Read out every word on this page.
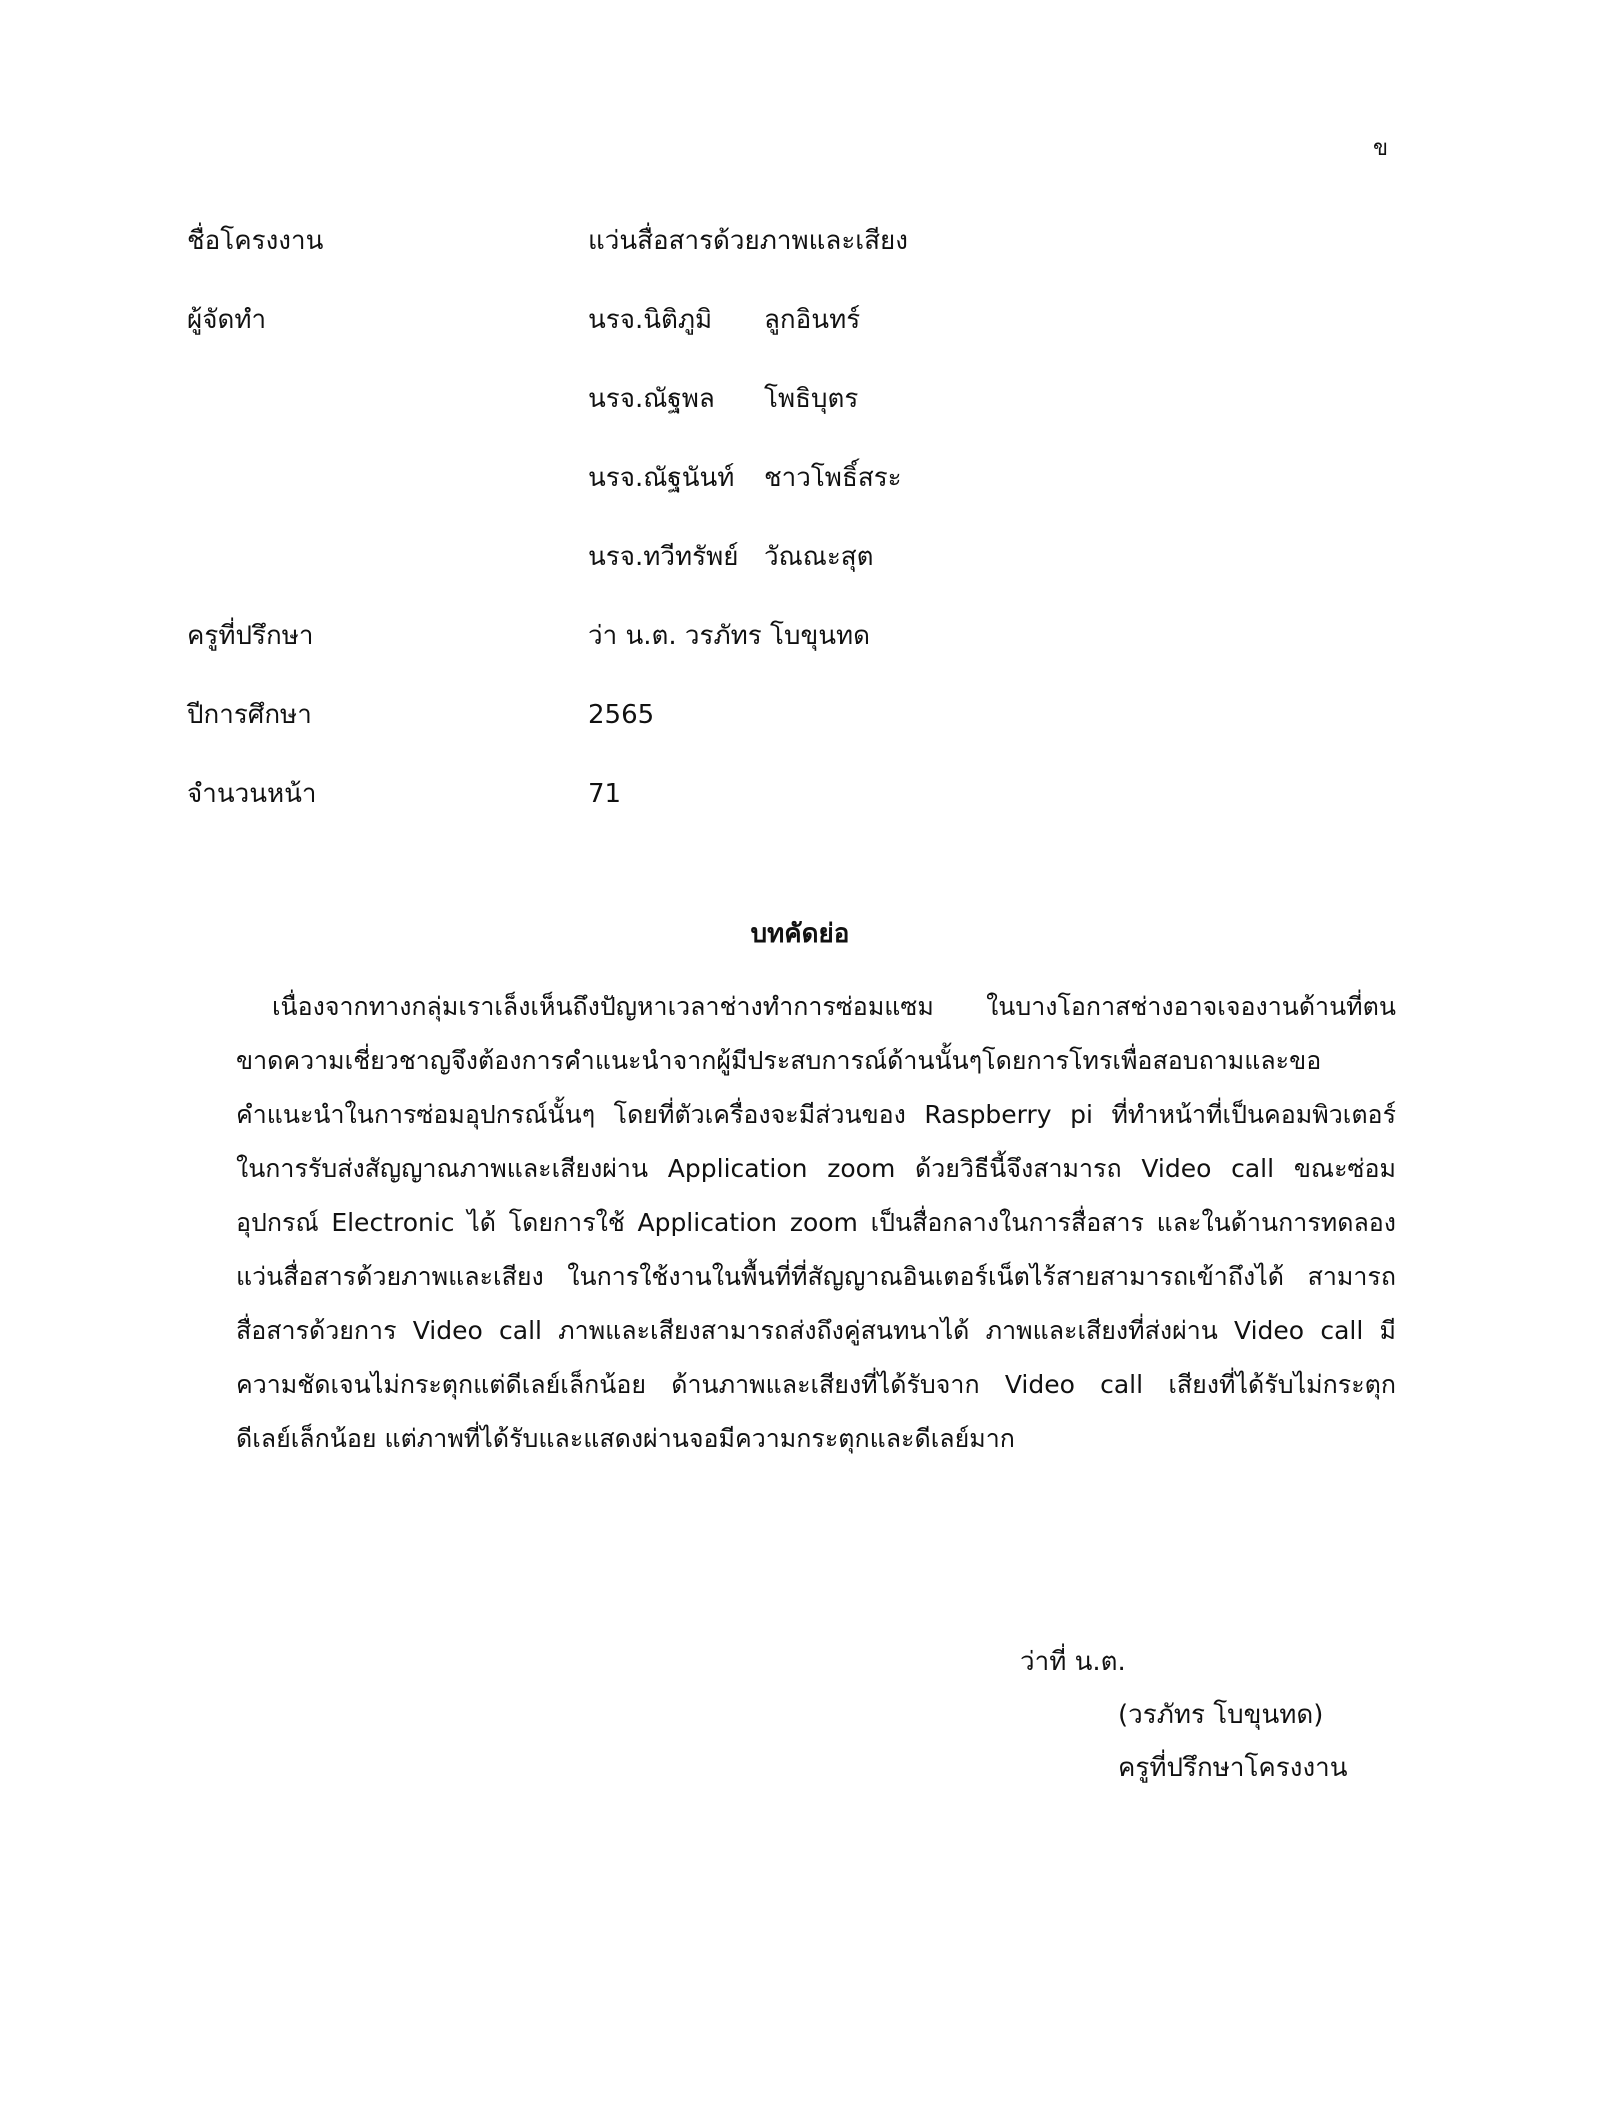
ข
ชื่อโครงงาน	แว่นสื่อสารด้วยภาพและเสียง
ผู้จัดทำ	นรจ.นิติภูมิ ลูกอินทร์
นรจ.ณัฐพล โพธิบุตร
นรจ.ณัฐนันท์ ชาวโพธิ์สระ
นรจ.ทวีทรัพย์ วัณณะสุต
ครูที่ปรึกษา	ว่า น.ต. วรภัทร โบขุนทด
ปีการศึกษา	2565
จำนวนหน้า	71
บทคัดย่อ
เนื่องจากทางกลุ่มเราเล็งเห็นถึงปัญหาเวลาช่างทำการซ่อมแซม ในบางโอกาสช่างอาจเจองานด้านที่ตน
ขาดความเชี่ยวชาญจึงต้องการคำแนะนำจากผู้มีประสบการณ์ด้านนั้นๆโดยการโทรเพื่อสอบถามและขอ
คำแนะนำในการซ่อมอุปกรณ์นั้นๆ โดยที่ตัวเครื่องจะมีส่วนของ Raspberry pi ที่ทำหน้าที่เป็นคอมพิวเตอร์
ในการรับส่งสัญญาณภาพและเสียงผ่าน Application zoom ด้วยวิธีนี้จึงสามารถ Video call ขณะซ่อม
อุปกรณ์ Electronic ได้ โดยการใช้ Application zoom เป็นสื่อกลางในการสื่อสาร และในด้านการทดลอง
แว่นสื่อสารด้วยภาพและเสียง ในการใช้งานในพื้นที่ที่สัญญาณอินเตอร์เน็ตไร้สายสามารถเข้าถึงได้ สามารถ
สื่อสารด้วยการ Video call ภาพและเสียงสามารถส่งถึงคู่สนทนาได้ ภาพและเสียงที่ส่งผ่าน Video call มี
ความชัดเจนไม่กระตุกแต่ดีเลย์เล็กน้อย ด้านภาพและเสียงที่ได้รับจาก Video call เสียงที่ได้รับไม่กระตุก
ดีเลย์เล็กน้อย แต่ภาพที่ได้รับและแสดงผ่านจอมีความกระตุกและดีเลย์มาก
ว่าที่ น.ต.
(วรภัทร โบขุนทด)
ครูที่ปรึกษาโครงงาน
